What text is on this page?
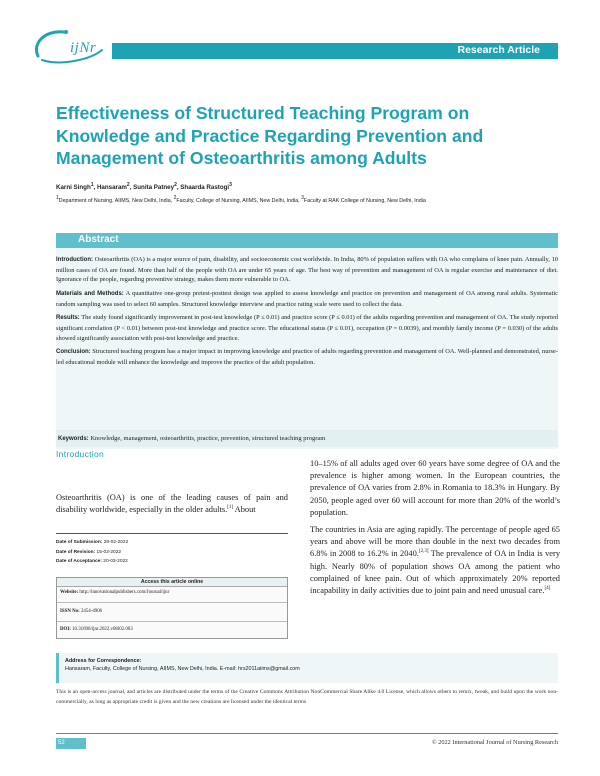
ijNr	Research Article
Effectiveness of Structured Teaching Program on Knowledge and Practice Regarding Prevention and Management of Osteoarthritis among Adults
Karni Singh$^1$, Hansaram$^2$, Sunita Patney$^2$, Shaarda Rastogi$^3$
$^1$Department of Nursing, AIIMS, New Delhi, India, $^2$Faculty, College of Nursing, AIIMS, New Delhi, India, $^3$Faculty at RAK College of Nursing, New Delhi, India
Abstract

Introduction: Osteoarthritis (OA) is a major source of pain, disability, and socioeconomic cost worldwide. In India, 80% of population suffers with OA who complains of knee pain. Annually, 10 million cases of OA are found. More than half of the people with OA are under 65 years of age. The best way of prevention and management of OA is regular exercise and maintenance of diet. Ignorance of the people, regarding preventive strategy, makes them more vulnerable to OA.

Materials and Methods: A quantitative one-group pretest-posttest design was applied to assess knowledge and practice on prevention and management of OA among rural adults. Systematic random sampling was used to select 60 samples. Structured knowledge interview and practice rating scale were used to collect the data.

Results: The study found significantly improvement in post-test knowledge (P ≤ 0.01) and practice score (P ≤ 0.01) of the adults regarding prevention and management of OA. The study reported significant correlation (P < 0.01) between post-test knowledge and practice score. The educational status (P ≤ 0.01), occupation (P = 0.0039), and monthly family income (P = 0.030) of the adults showed significantly association with post-test knowledge and practice.

Conclusion: Structured teaching program has a major impact in improving knowledge and practice of adults regarding prevention and management of OA. Well-planned and demonstrated, nurse-led educational module will enhance the knowledge and improve the practice of the adult population.

Keywords: Knowledge, management, osteoarthritis, practice, prevention, structured teaching program
Introduction
Osteoarthritis (OA) is one of the leading causes of pain and disability worldwide, especially in the older adults.[1] About
Date of Submission: 28-02-2022
Date of Revision: 15-03-2022
Date of Acceptance: 20-03-2022
Access this article online
Website: http://innovationalpublishers.com/Journal/ijnr
ISSN No: 2454-4906
DOI: 10.31690/ijnr.2022.v08i02.003

10–15% of all adults aged over 60 years have some degree of OA and the prevalence is higher among women. In the European countries, the prevalence of OA varies from 2.8% in Romania to 18.3% in Hungary. By 2050, people aged over 60 will account for more than 20% of the world’s population.

The countries in Asia are aging rapidly. The percentage of people aged 65 years and above will be more than double in the next two decades from 6.8% in 2008 to 16.2% in 2040.[2,3] The prevalence of OA in India is very high. Nearly 80% of population shows OA among the patient who complained of knee pain. Out of which approximately 20% reported incapability in daily activities due to joint pain and need unusual care.[4]

Address for Correspondence:
Hansaram, Faculty, College of Nursing, AIIMS, New Delhi, India. E-mail: hrs2011aiims@gmail.com
This is an open-access journal, and articles are distributed under the terms of the Creative Commons Attribution NonCommercial Share Alike 4.0 License, which allows others to remix, tweak, and build upon the work non-commercially, as long as appropriate credit is given and the new creations are licensed under the identical terms
52	© 2022 International Journal of Nursing Research
